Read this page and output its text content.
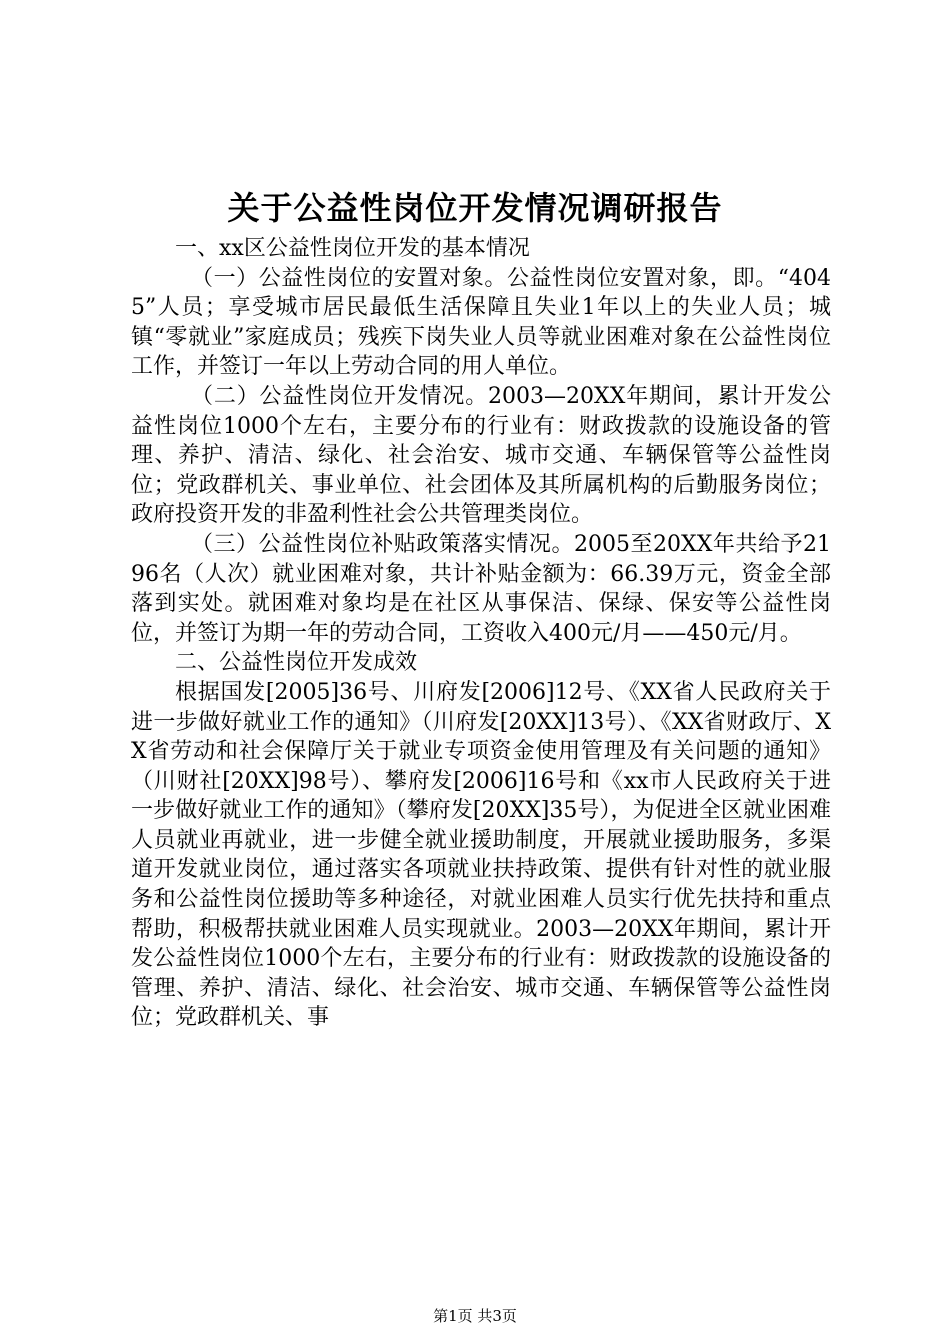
关于公益性岗位开发情况调研报告

一、xx区公益性岗位开发的基本情况

（一）公益性岗位的安置对象。公益性岗位安置对象，即。“4045”人员；享受城市居民最低生活保障且失业1年以上的失业人员；城镇“零就业”家庭成员；残疾下岗失业人员等就业困难对象在公益性岗位工作，并签订一年以上劳动合同的用人单位。

（二）公益性岗位开发情况。2003—20XX年期间，累计开发公益性岗位1000个左右，主要分布的行业有：财政拨款的设施设备的管理、养护、清洁、绿化、社会治安、城市交通、车辆保管等公益性岗位；党政群机关、事业单位、社会团体及其所属机构的后勤服务岗位；政府投资开发的非盈利性社会公共管理类岗位。

（三）公益性岗位补贴政策落实情况。2005至20XX年共给予2196名（人次）就业困难对象，共计补贴金额为：66.39万元，资金全部落到实处。就困难对象均是在社区从事保洁、保绿、保安等公益性岗位，并签订为期一年的劳动合同，工资收入400元/月——450元/月。

二、公益性岗位开发成效

根据国发[2005]36号、川府发[2006]12号、《XX省人民政府关于进一步做好就业工作的通知》（川府发[20XX]13号）、《XX省财政厅、XX省劳动和社会保障厅关于就业专项资金使用管理及有关问题的通知》（川财社[20XX]98号）、攀府发[2006]16号和《xx市人民政府关于进一步做好就业工作的通知》（攀府发[20XX]35号），为促进全区就业困难人员就业再就业，进一步健全就业援助制度，开展就业援助服务，多渠道开发就业岗位，通过落实各项就业扶持政策、提供有针对性的就业服务和公益性岗位援助等多种途径，对就业困难人员实行优先扶持和重点帮助，积极帮扶就业困难人员实现就业。2003—20XX年期间，累计开发公益性岗位1000个左右，主要分布的行业有：财政拨款的设施设备的管理、养护、清洁、绿化、社会治安、城市交通、车辆保管等公益性岗位；党政群机关、事

第1页 共3页
